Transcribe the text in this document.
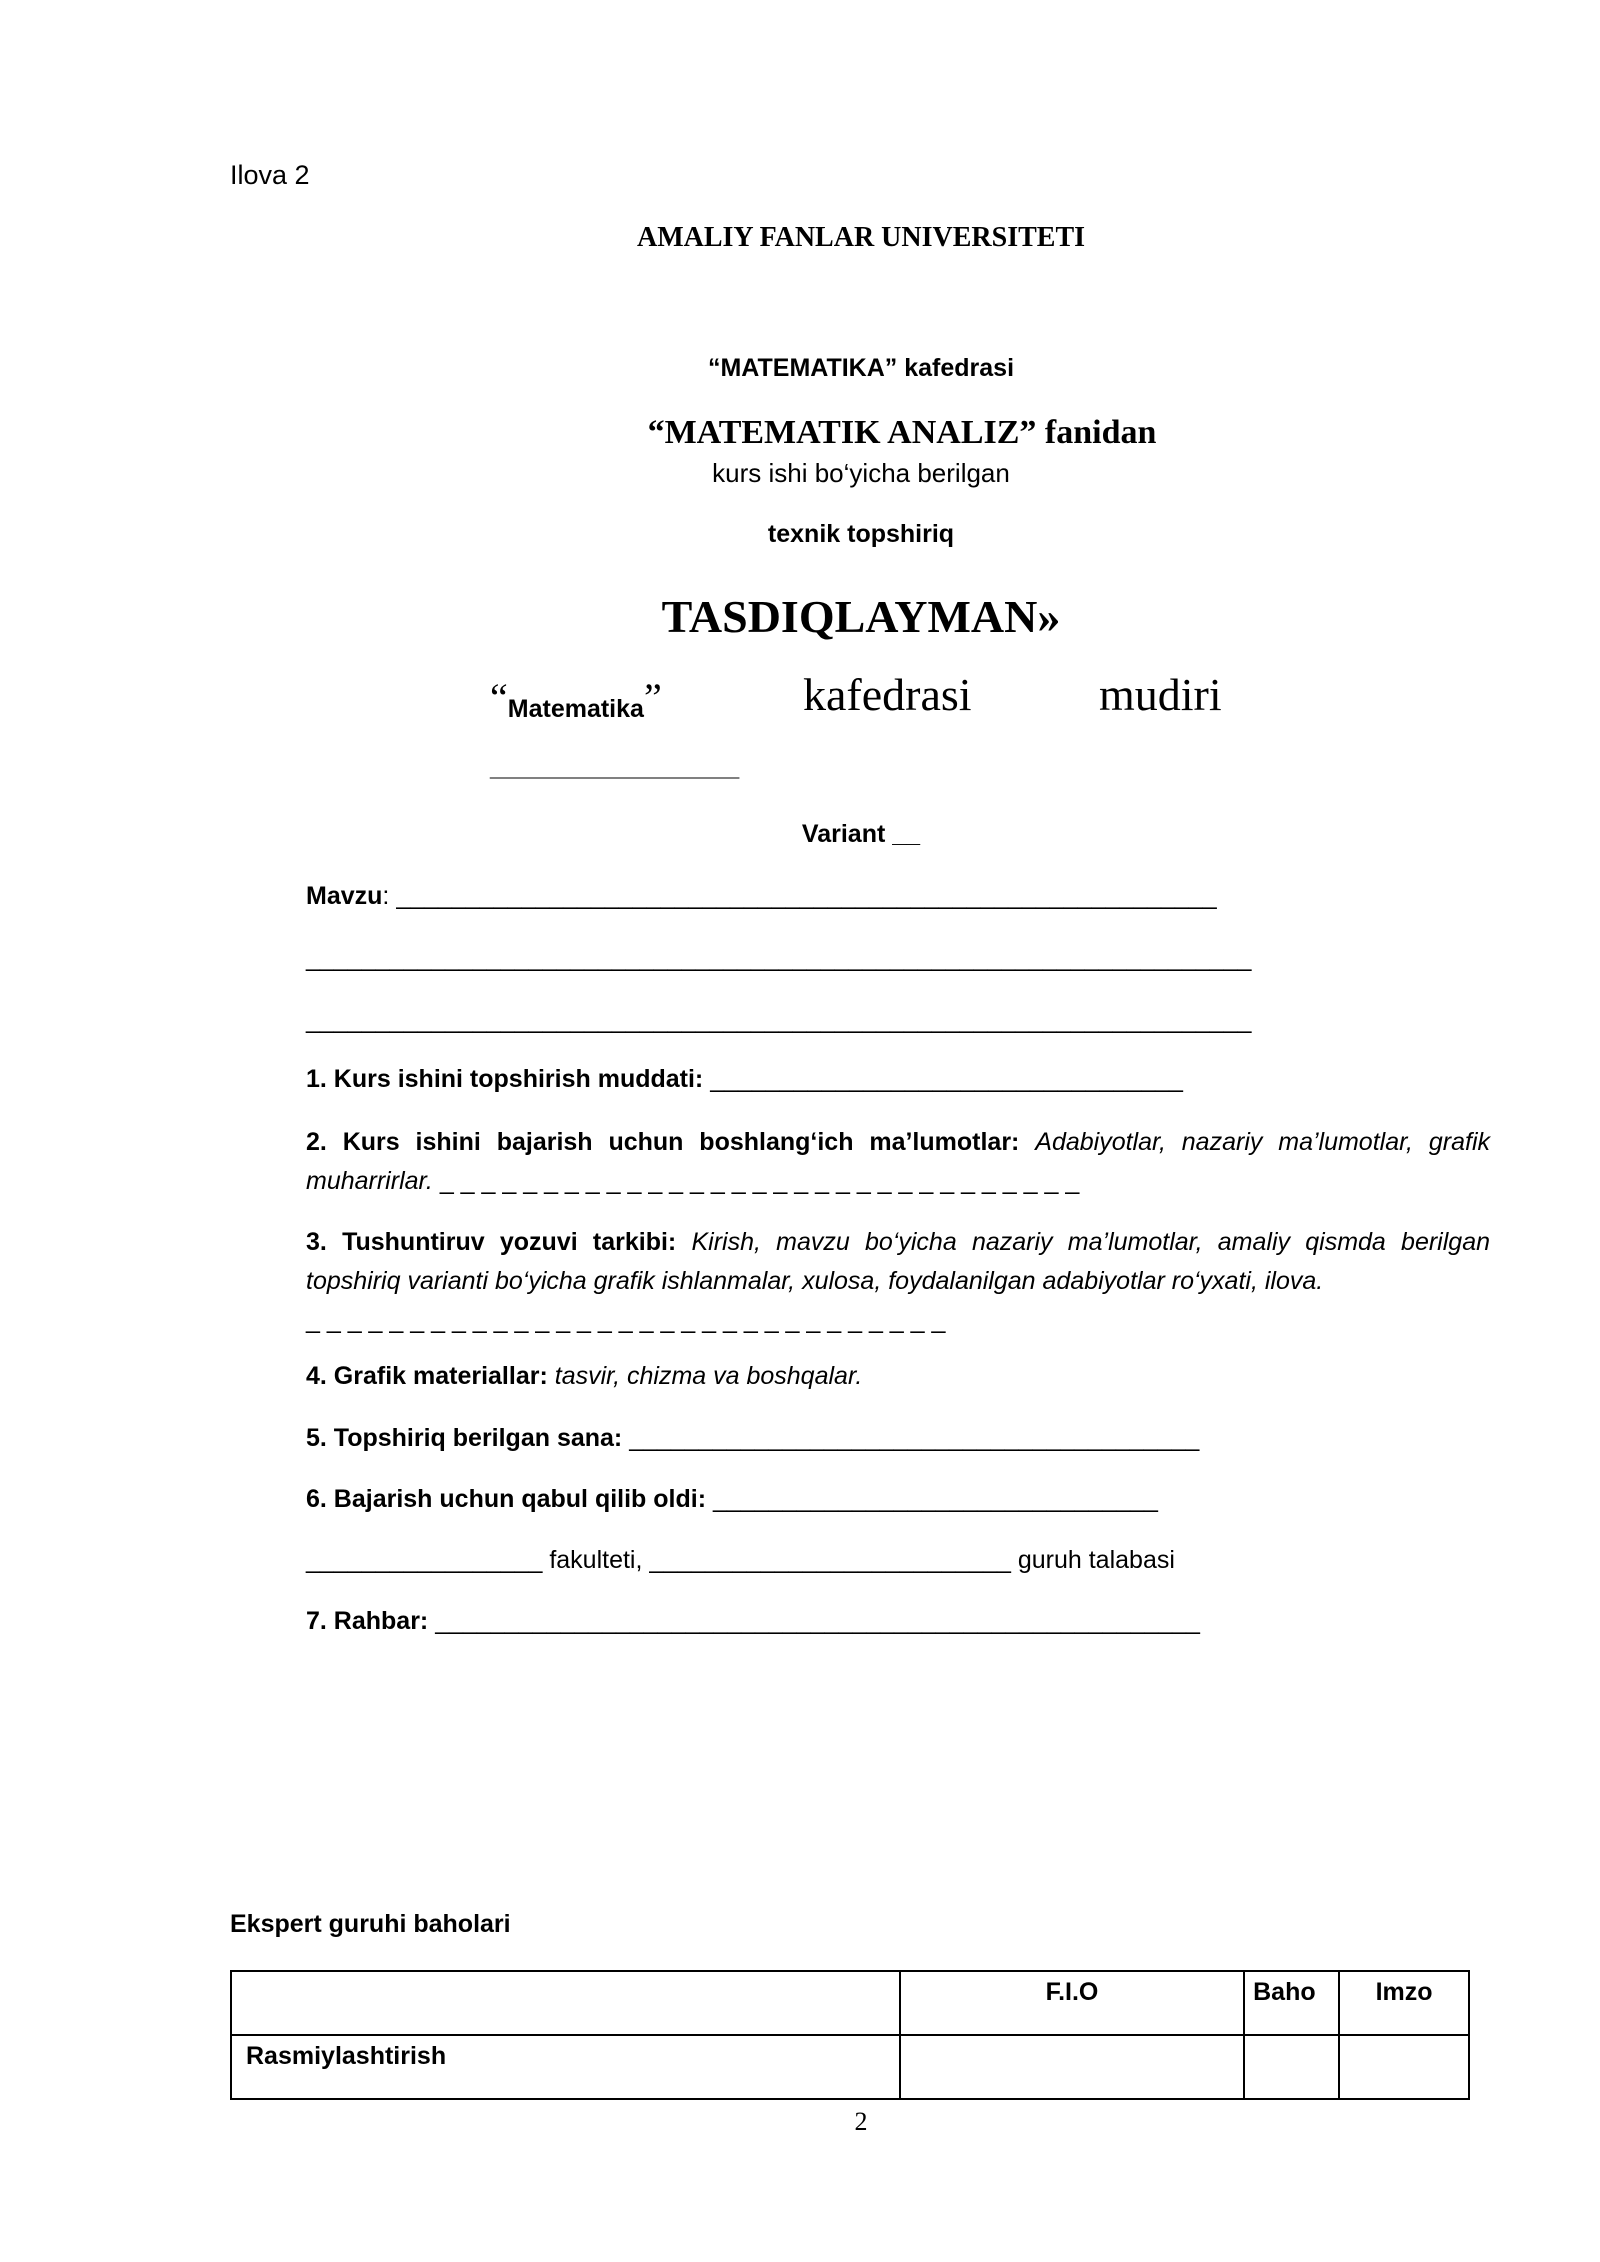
Ilova 2
AMALIY FANLAR UNIVERSITETI
“MATEMATIKA” kafedrasi
“MATEMATIK ANALIZ” fanidan
kurs ishi bo‘yicha berilgan
texnik topshiriq
TASDIQLAYMAN»
“Matematika”	kafedrasi	mudiri
________________
Variant __
Mavzu: ___________________________________________________________
____________________________________________________________________
____________________________________________________________________
1. Kurs ishini topshirish muddati: __________________________________
2. Kurs ishini bajarish uchun boshlang‘ich ma’lumotlar: Adabiyotlar, nazariy ma’lumotlar, grafik muharrirlar. _ _ _ _ _ _ _ _ _ _ _ _ _ _ _ _ _ _ _ _ _ _ _ _ _ _ _ _ _ _ _
3. Tushuntiruv yozuvi tarkibi: Kirish, mavzu bo‘yicha nazariy ma’lumotlar, amaliy qismda berilgan topshiriq varianti bo‘yicha grafik ishlanmalar, xulosa, foydalanilgan adabiyotlar ro‘yxati, ilova.
_ _ _ _ _ _ _ _ _ _ _ _ _ _ _ _ _ _ _ _ _ _ _ _ _ _ _ _ _ _ _
4. Grafik materiallar: tasvir, chizma va boshqalar.
5. Topshiriq berilgan sana: _________________________________________
6. Bajarish uchun qabul qilib oldi: ________________________________
_________________ fakulteti, __________________________ guruh talabasi
7. Rahbar: _______________________________________________________
Ekspert guruhi baholari
	F.I.O	Baho	Imzo
Rasmiylashtirish			
2
